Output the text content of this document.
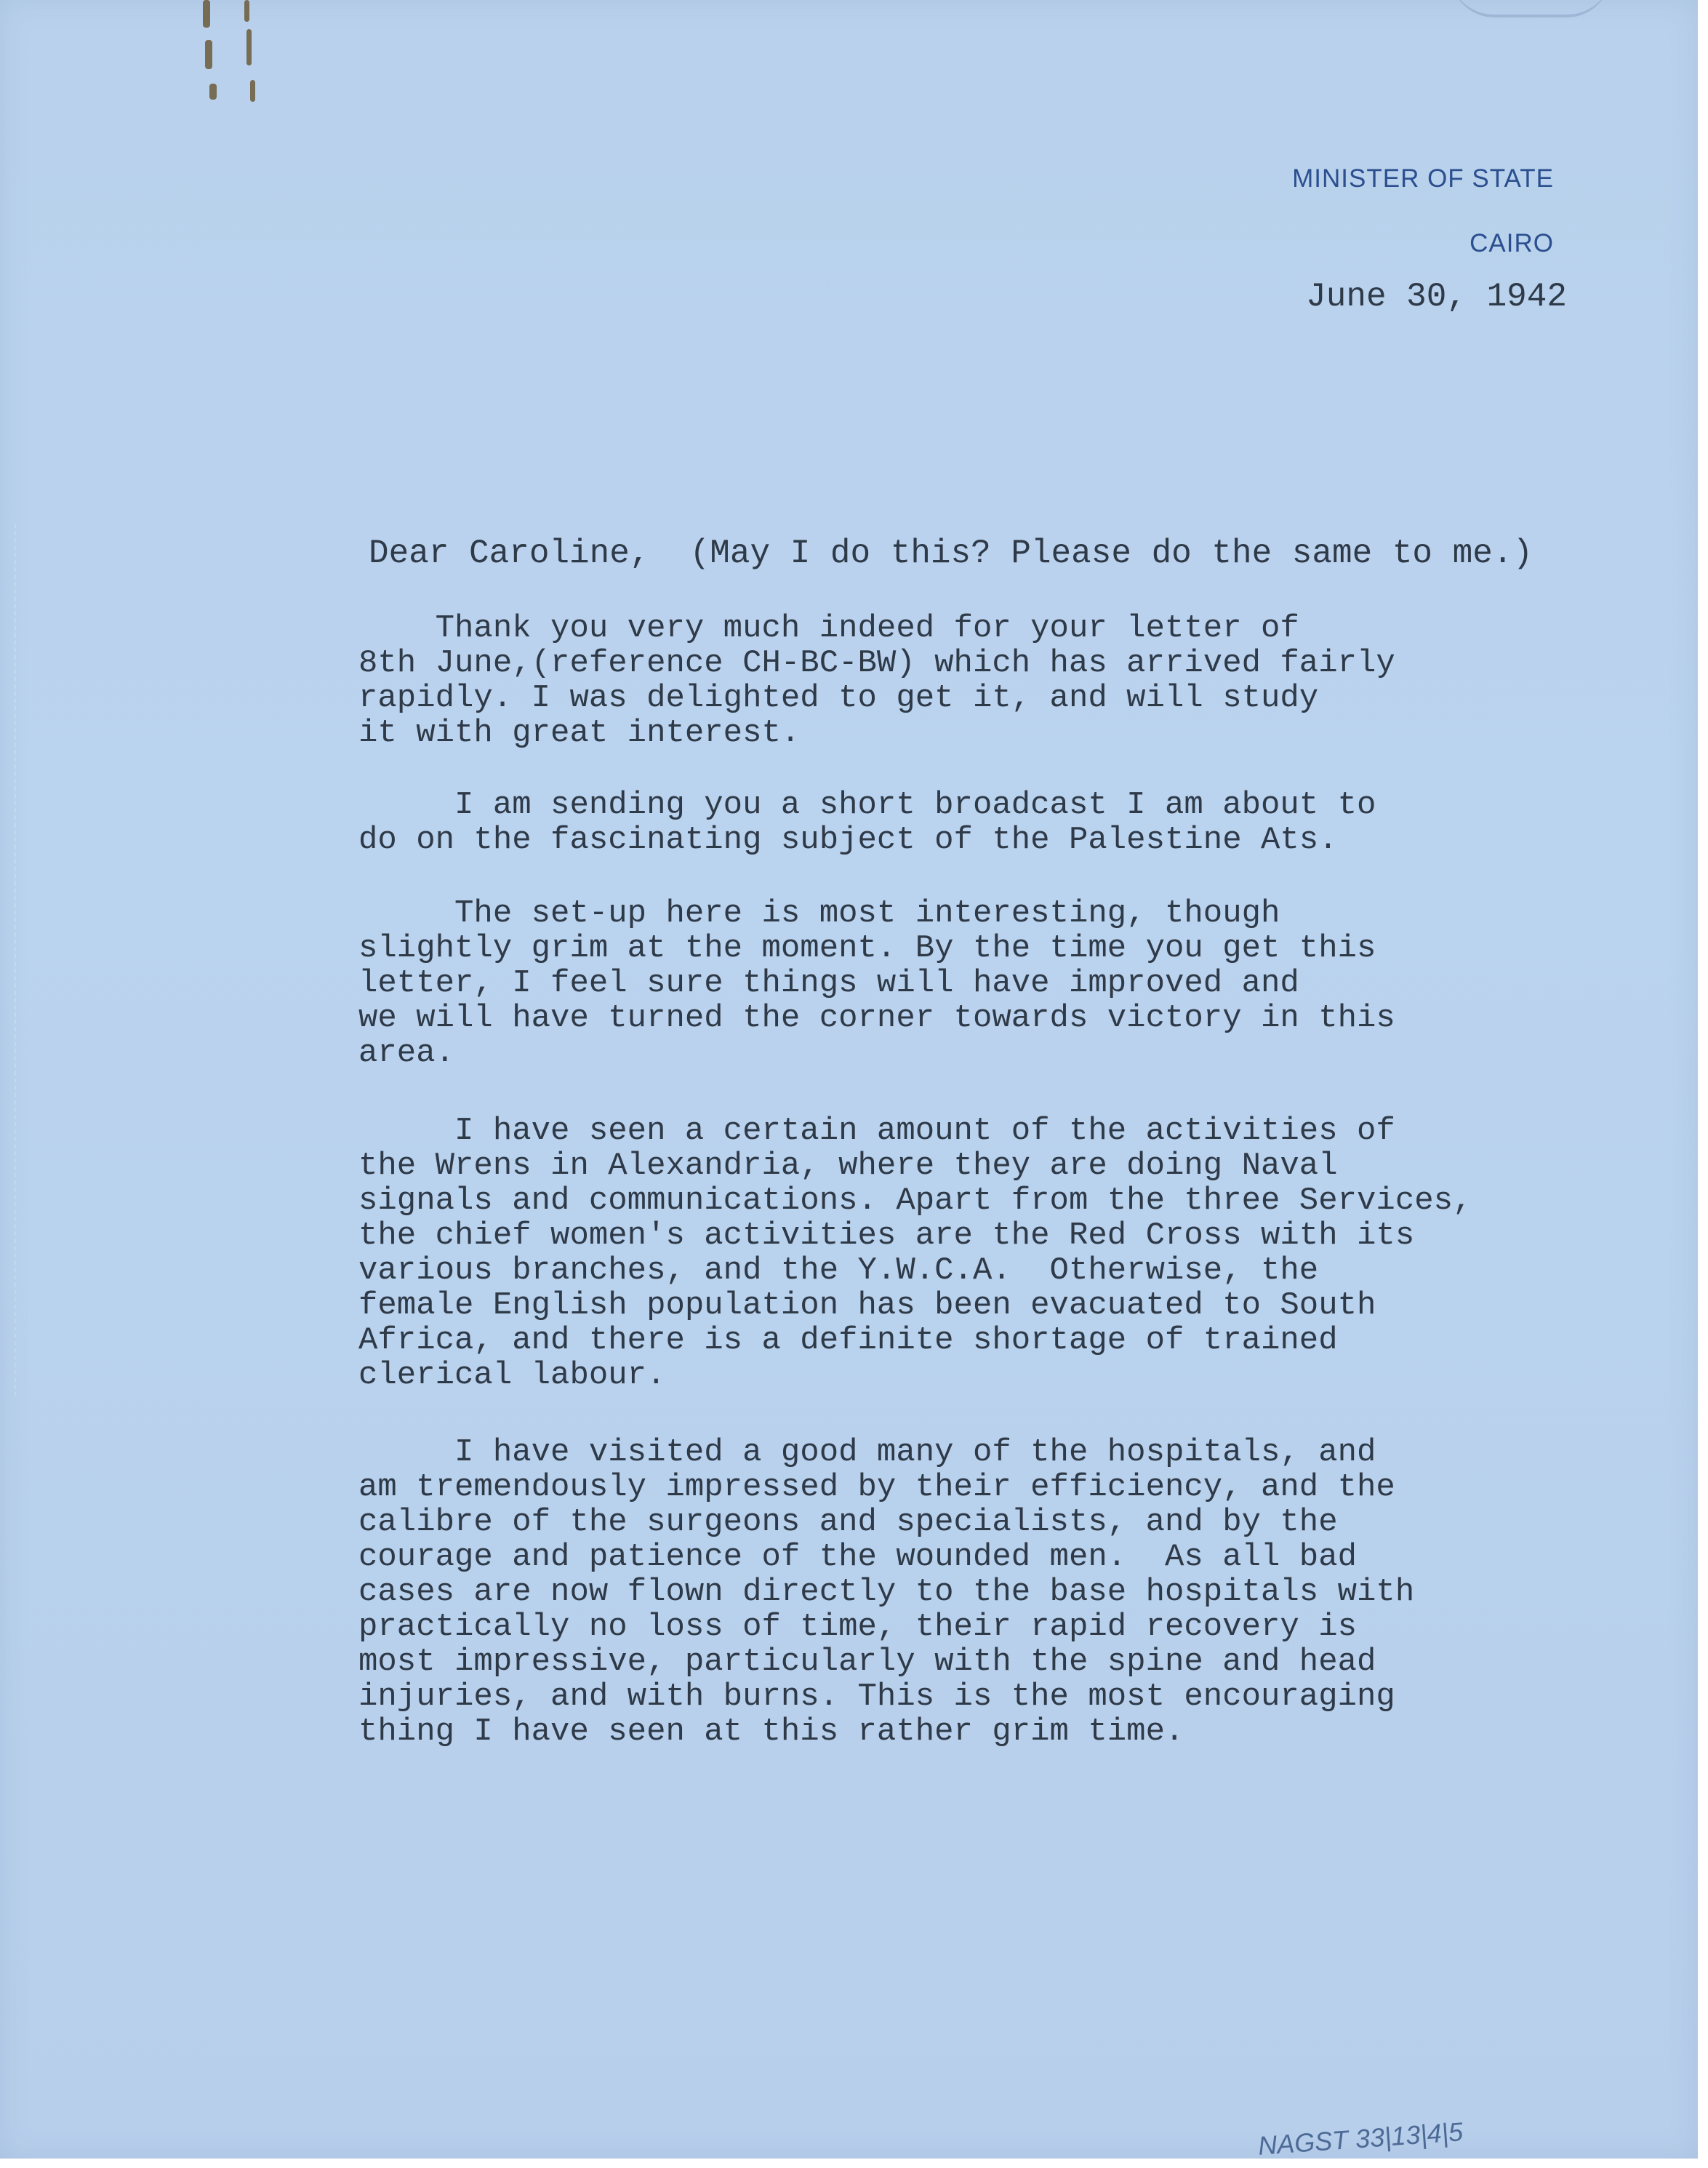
MINISTER OF STATE
CAIRO
June 30, 1942
Dear Caroline,  (May I do this? Please do the same to me.)
Thank you very much indeed for your letter of
8th June,(reference CH-BC-BW) which has arrived fairly
rapidly. I was delighted to get it, and will study
it with great interest.
I am sending you a short broadcast I am about to
do on the fascinating subject of the Palestine Ats.
The set-up here is most interesting, though
slightly grim at the moment. By the time you get this
letter, I feel sure things will have improved and
we will have turned the corner towards victory in this
area.
I have seen a certain amount of the activities of
the Wrens in Alexandria, where they are doing Naval
signals and communications. Apart from the three Services,
the chief women's activities are the Red Cross with its
various branches, and the Y.W.C.A.  Otherwise, the
female English population has been evacuated to South
Africa, and there is a definite shortage of trained
clerical labour.
I have visited a good many of the hospitals, and
am tremendously impressed by their efficiency, and the
calibre of the surgeons and specialists, and by the
courage and patience of the wounded men.  As all bad
cases are now flown directly to the base hospitals with
practically no loss of time, their rapid recovery is
most impressive, particularly with the spine and head
injuries, and with burns. This is the most encouraging
thing I have seen at this rather grim time.
NAGST 33|13|4|5
